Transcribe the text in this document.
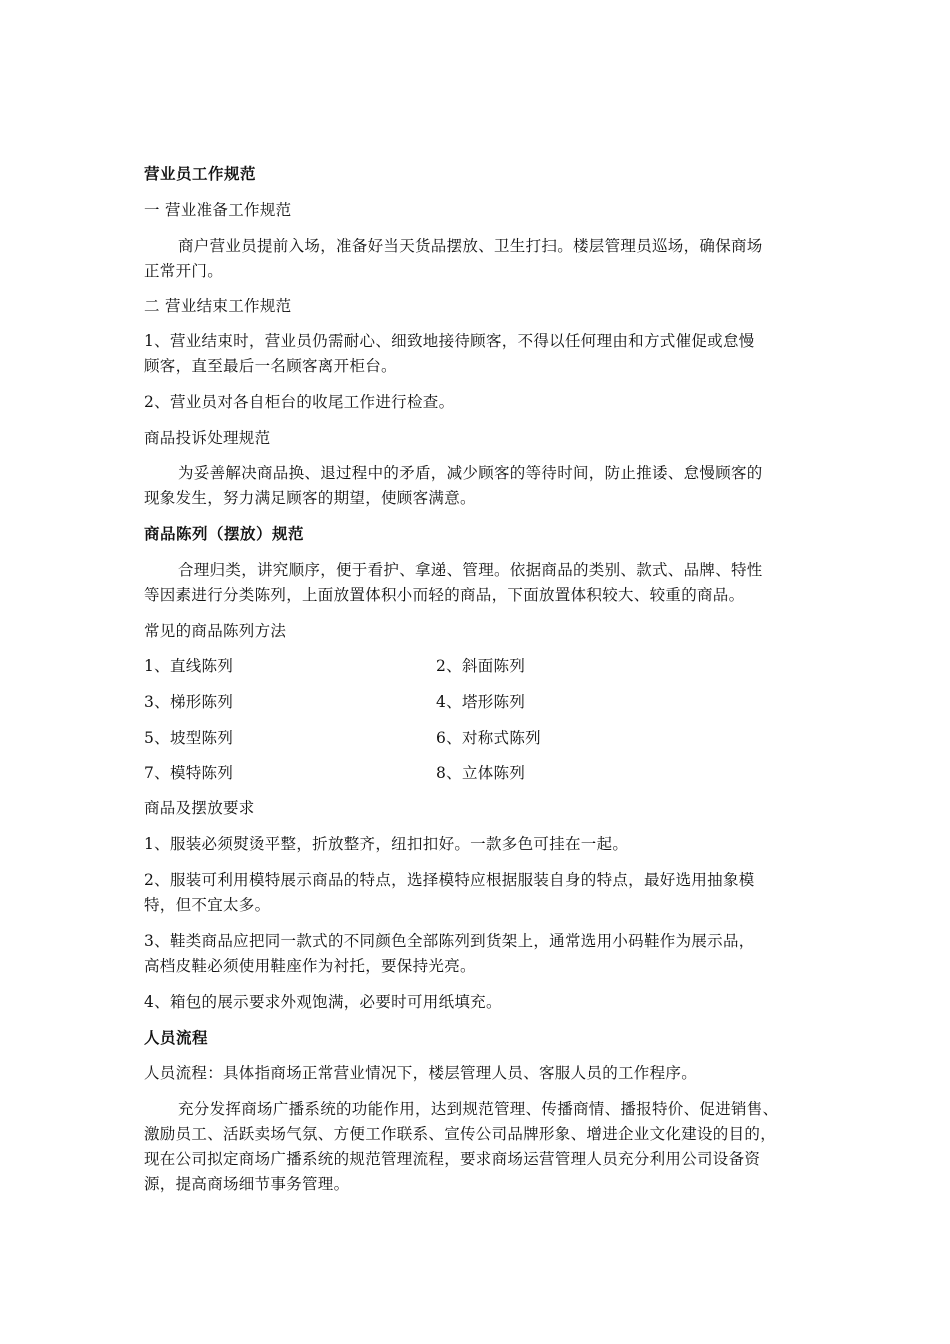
营业员工作规范
一 营业准备工作规范
商户营业员提前入场，准备好当天货品摆放、卫生打扫。楼层管理员巡场，确保商场
正常开门。
二 营业结束工作规范
1、营业结束时，营业员仍需耐心、细致地接待顾客，不得以任何理由和方式催促或怠慢
顾客，直至最后一名顾客离开柜台。
2、营业员对各自柜台的收尾工作进行检查。
商品投诉处理规范
为妥善解决商品换、退过程中的矛盾，减少顾客的等待时间，防止推诿、怠慢顾客的
现象发生，努力满足顾客的期望，使顾客满意。
商品陈列（摆放）规范
合理归类，讲究顺序，便于看护、拿递、管理。依据商品的类别、款式、品牌、特性
等因素进行分类陈列，上面放置体积小而轻的商品，下面放置体积较大、较重的商品。
常见的商品陈列方法
1、直线陈列	2、斜面陈列
3、梯形陈列	4、塔形陈列
5、坡型陈列	6、对称式陈列
7、模特陈列	8、立体陈列
商品及摆放要求
1、服装必须熨烫平整，折放整齐，纽扣扣好。一款多色可挂在一起。
2、服装可利用模特展示商品的特点，选择模特应根据服装自身的特点，最好选用抽象模
特，但不宜太多。
3、鞋类商品应把同一款式的不同颜色全部陈列到货架上，通常选用小码鞋作为展示品，
高档皮鞋必须使用鞋座作为衬托，要保持光亮。
4、箱包的展示要求外观饱满，必要时可用纸填充。
人员流程
人员流程：具体指商场正常营业情况下，楼层管理人员、客服人员的工作程序。
充分发挥商场广播系统的功能作用，达到规范管理、传播商情、播报特价、促进销售、
激励员工、活跃卖场气氛、方便工作联系、宣传公司品牌形象、增进企业文化建设的目的，
现在公司拟定商场广播系统的规范管理流程，要求商场运营管理人员充分利用公司设备资
源，提高商场细节事务管理。
